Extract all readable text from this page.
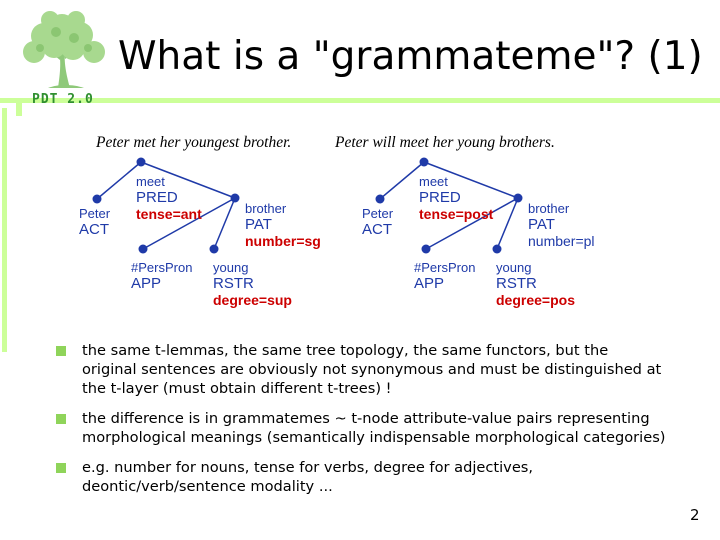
What is a "grammateme"? (1)
PDT 2.0
Peter met her youngest brother.
meet
PRED
tense=ant
Peter
ACT
brother
PAT
number=sg
#PersPron
APP
young
RSTR
degree=sup
Peter will meet her young brothers.
meet
PRED
tense=post
Peter
ACT
brother
PAT
number=pl
#PersPron
APP
young
RSTR
degree=pos
the same t-lemmas, the same tree topology, the same functors, but the original sentences are obviously not synonymous and must be distinguished at the t-layer (must obtain different t-trees) !
the difference is in grammatemes ~ t-node attribute-value pairs representing morphological meanings (semantically indispensable morphological categories)
e.g. number for nouns, tense for verbs, degree for adjectives, deontic/verb/sentence modality ...
2
